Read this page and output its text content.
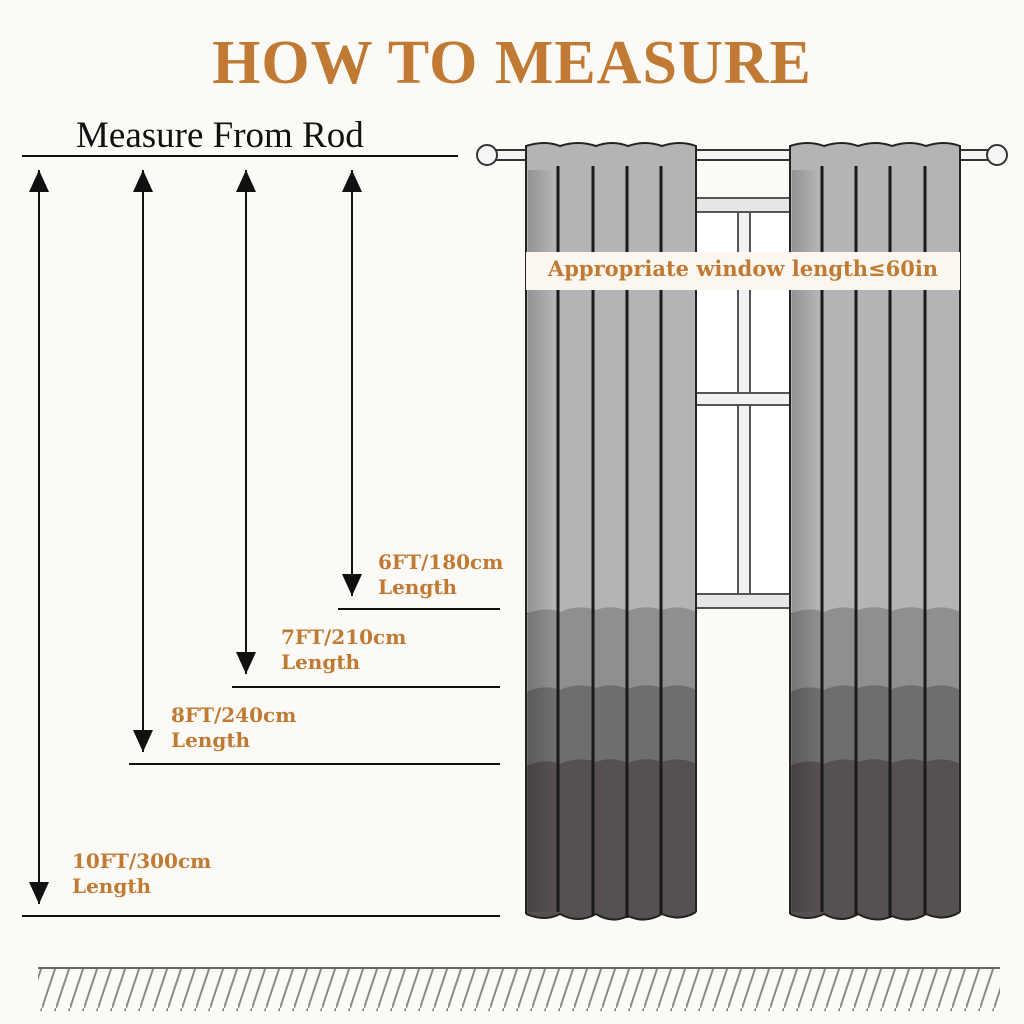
HOW TO MEASURE
Measure From Rod
Appropriate window length≤60in
6FT/180cm
Length
7FT/210cm
Length
8FT/240cm
Length
10FT/300cm
Length
